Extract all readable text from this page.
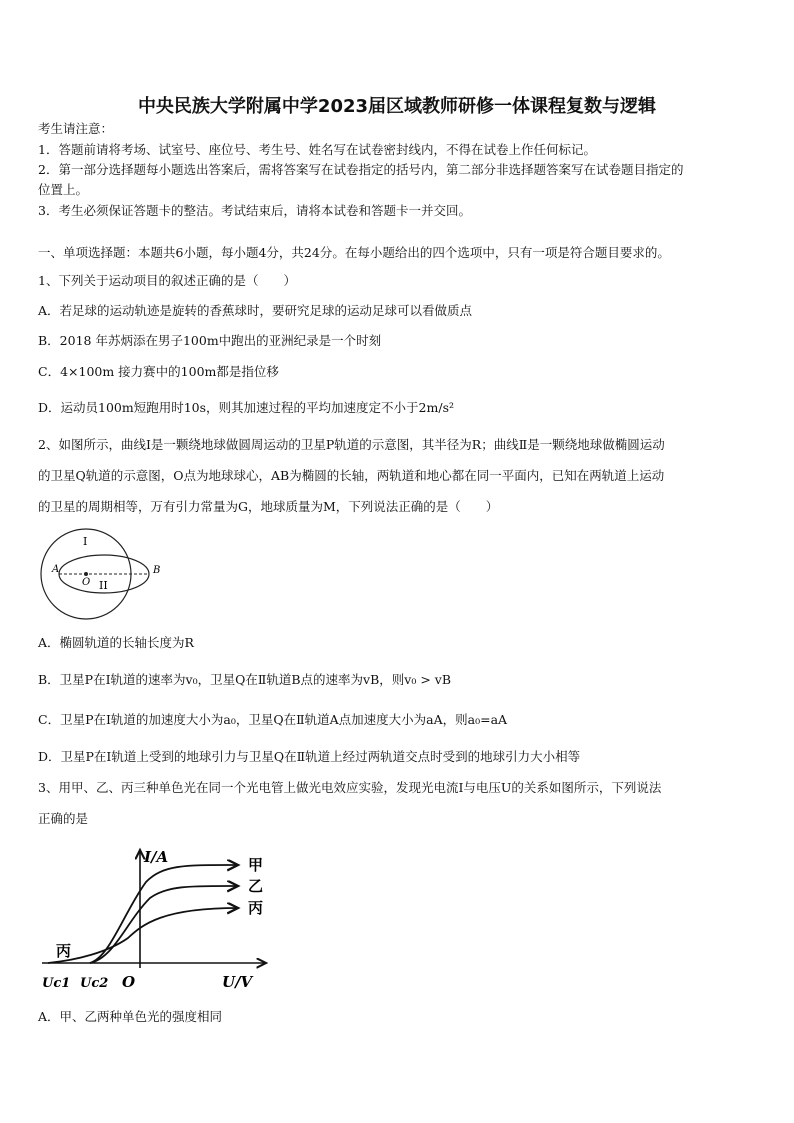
中央民族大学附属中学2023届区域教师研修一体课程复数与逻辑
考生请注意：
1．答题前请将考场、试室号、座位号、考生号、姓名写在试卷密封线内，不得在试卷上作任何标记。
2．第一部分选择题每小题选出答案后，需将答案写在试卷指定的括号内，第二部分非选择题答案写在试卷题目指定的
位置上。
3．考生必须保证答题卡的整洁。考试结束后，请将本试卷和答题卡一并交回。
一、单项选择题：本题共6小题，每小题4分，共24分。在每小题给出的四个选项中，只有一项是符合题目要求的。
1、下列关于运动项目的叙述正确的是（　　）
A．若足球的运动轨迹是旋转的香蕉球时，要研究足球的运动足球可以看做质点
B．2018 年苏炳添在男子100m中跑出的亚洲纪录是一个时刻
C．4×100m 接力赛中的100m都是指位移
D．运动员100m短跑用时10s，则其加速过程的平均加速度定不小于2m/s²
2、如图所示，曲线Ⅰ是一颗绕地球做圆周运动的卫星P轨道的示意图，其半径为R；曲线Ⅱ是一颗绕地球做椭圆运动
的卫星Q轨道的示意图，O点为地球球心，AB为椭圆的长轴，两轨道和地心都在同一平面内，已知在两轨道上运动
的卫星的周期相等，万有引力常量为G，地球质量为M，下列说法正确的是（　　）
I
II
A
O
B
A．椭圆轨道的长轴长度为R
B．卫星P在Ⅰ轨道的速率为v₀，卫星Q在Ⅱ轨道B点的速率为vB，则v₀ > vB
C．卫星P在Ⅰ轨道的加速度大小为a₀，卫星Q在Ⅱ轨道A点加速度大小为aA，则a₀=aA
D．卫星P在Ⅰ轨道上受到的地球引力与卫星Q在Ⅱ轨道上经过两轨道交点时受到的地球引力大小相等
3、用甲、乙、丙三种单色光在同一个光电管上做光电效应实验，发现光电流I与电压U的关系如图所示，下列说法
正确的是
I/A
U/V
O
Uc1 Uc2
甲
乙
丙
丙
A．甲、乙两种单色光的强度相同
